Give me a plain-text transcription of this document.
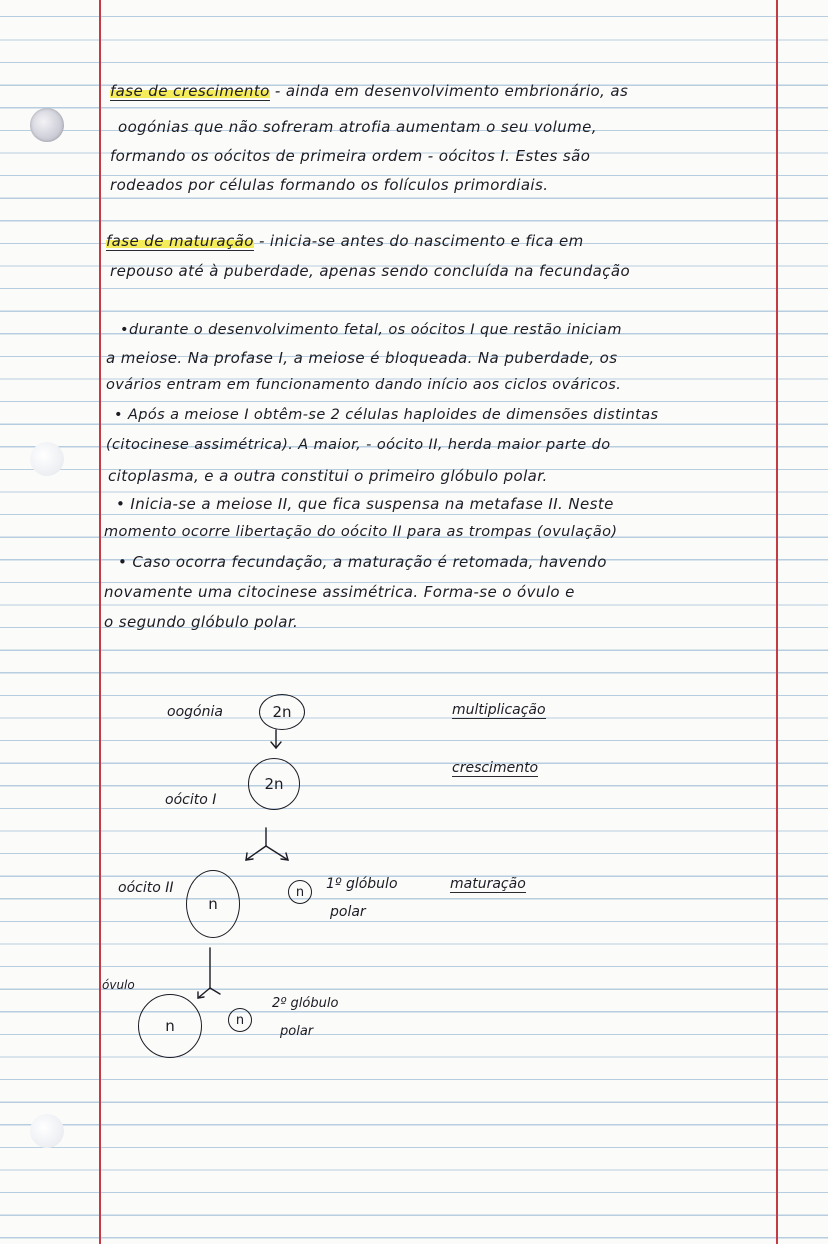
fase de crescimento - ainda em desenvolvimento embrionário, as
oogónias que não sofreram atrofia aumentam o seu volume,
formando os oócitos de primeira ordem - oócitos I. Estes são
rodeados por células formando os folículos primordiais.
fase de maturação - inicia-se antes do nascimento e fica em
repouso até à puberdade, apenas sendo concluída na fecundação
•durante o desenvolvimento fetal, os oócitos I que restão iniciam
a meiose. Na profase I, a meiose é bloqueada. Na puberdade, os
ovários entram em funcionamento dando início aos ciclos ováricos.
• Após a meiose I obtêm-se 2 células haploides de dimensões distintas
(citocinese assimétrica). A maior, - oócito II, herda maior parte do
citoplasma, e a outra constitui o primeiro glóbulo polar.
• Inicia-se a meiose II, que fica suspensa na metafase II. Neste
momento ocorre libertação do oócito II para as trompas (ovulação)
• Caso ocorra fecundação, a maturação é retomada, havendo
novamente uma citocinese assimétrica. Forma-se o óvulo e
o segundo glóbulo polar.
oogónia	2n	multiplicação
2n
oócito I
crescimento
oócito II
n
n	1º glóbulo
polar
maturação
óvulo
n	n
2º glóbulo
polar
